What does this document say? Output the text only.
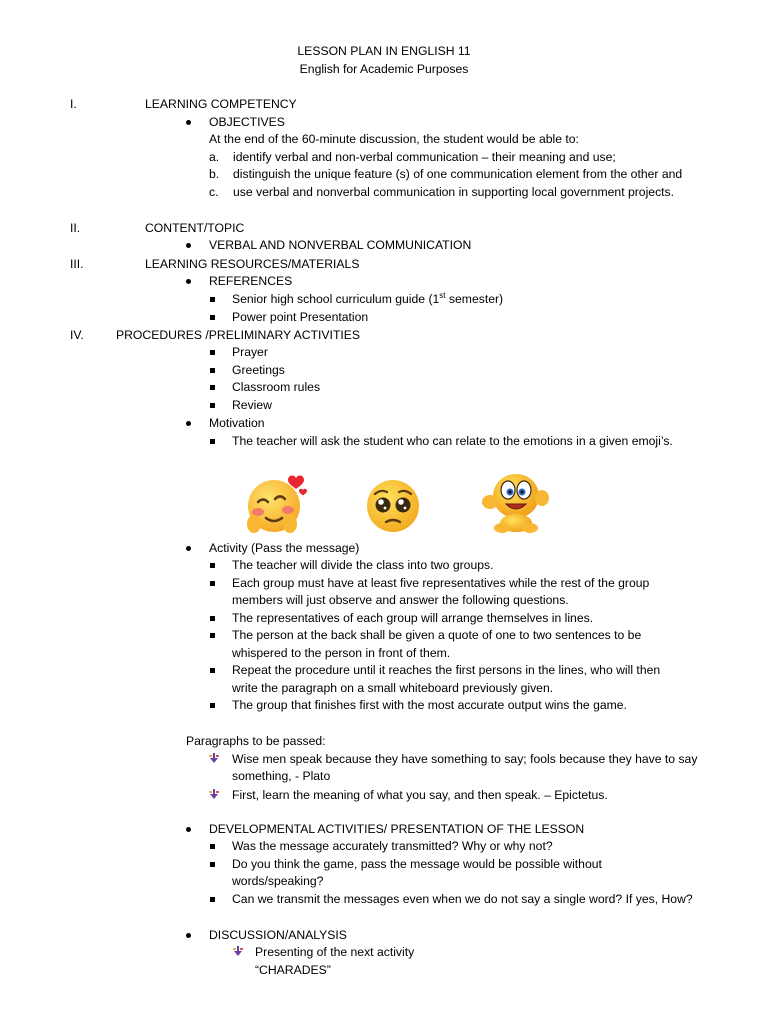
LESSON PLAN IN ENGLISH 11
English for Academic Purposes
I.	LEARNING COMPETENCY
OBJECTIVES
At the end of the 60-minute discussion, the student would be able to:
a. identify verbal and non-verbal communication – their meaning and use;
b. distinguish the unique feature (s) of one communication element from the other and
c. use verbal and nonverbal communication in supporting local government projects.
II.	CONTENT/TOPIC
VERBAL AND NONVERBAL COMMUNICATION
III.	LEARNING RESOURCES/MATERIALS
REFERENCES
Senior high school curriculum guide (1st semester)
Power point Presentation
IV.	PROCEDURES /PRELIMINARY ACTIVITIES
Prayer
Greetings
Classroom rules
Review
Motivation
The teacher will ask the student who can relate to the emotions in a given emoji’s.
Activity (Pass the message)
The teacher will divide the class into two groups.
Each group must have at least five representatives while the rest of the group
members will just observe and answer the following questions.
The representatives of each group will arrange themselves in lines.
The person at the back shall be given a quote of one to two sentences to be
whispered to the person in front of them.
Repeat the procedure until it reaches the first persons in the lines, who will then
write the paragraph on a small whiteboard previously given.
The group that finishes first with the most accurate output wins the game.
Paragraphs to be passed:
Wise men speak because they have something to say; fools because they have to say
something, - Plato
First, learn the meaning of what you say, and then speak. – Epictetus.
DEVELOPMENTAL ACTIVITIES/ PRESENTATION OF THE LESSON
Was the message accurately transmitted? Why or why not?
Do you think the game, pass the message would be possible without
words/speaking?
Can we transmit the messages even when we do not say a single word? If yes, How?
DISCUSSION/ANALYSIS
Presenting of the next activity
“CHARADES”
